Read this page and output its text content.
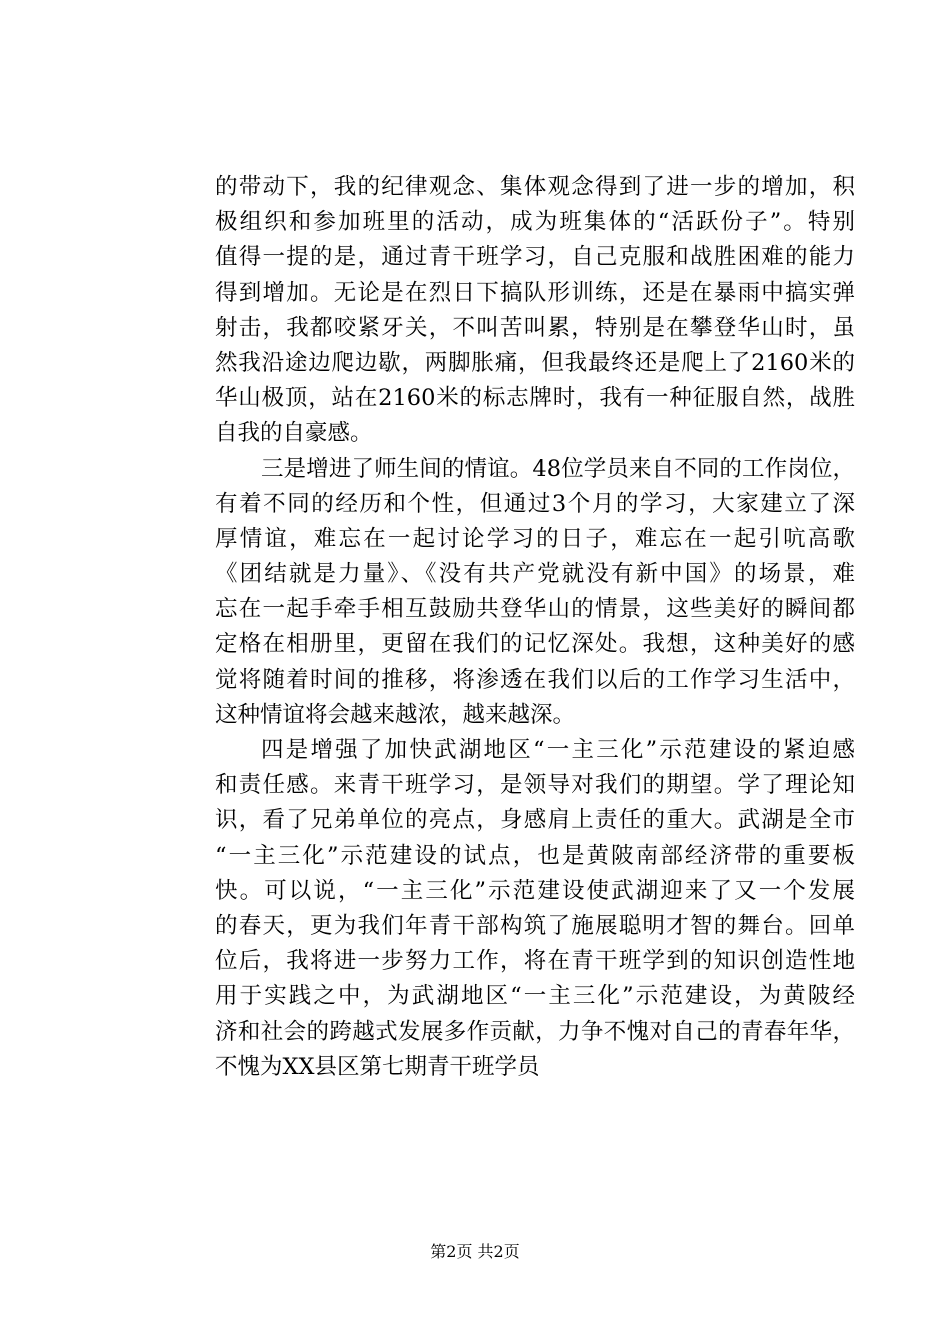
的带动下，我的纪律观念、集体观念得到了进一步的增加，积
极组织和参加班里的活动，成为班集体的“活跃份子”。特别
值得一提的是，通过青干班学习，自己克服和战胜困难的能力
得到增加。无论是在烈日下搞队形训练，还是在暴雨中搞实弹
射击，我都咬紧牙关，不叫苦叫累，特别是在攀登华山时，虽
然我沿途边爬边歇，两脚胀痛，但我最终还是爬上了2160米的
华山极顶，站在2160米的标志牌时，我有一种征服自然，战胜
自我的自豪感。
三是增进了师生间的情谊。48位学员来自不同的工作岗位，
有着不同的经历和个性，但通过3个月的学习，大家建立了深
厚情谊，难忘在一起讨论学习的日子，难忘在一起引吭高歌
《团结就是力量》、《没有共产党就没有新中国》的场景，难
忘在一起手牵手相互鼓励共登华山的情景，这些美好的瞬间都
定格在相册里，更留在我们的记忆深处。我想，这种美好的感
觉将随着时间的推移，将渗透在我们以后的工作学习生活中，
这种情谊将会越来越浓，越来越深。
四是增强了加快武湖地区“一主三化”示范建设的紧迫感
和责任感。来青干班学习，是领导对我们的期望。学了理论知
识，看了兄弟单位的亮点，身感肩上责任的重大。武湖是全市
“一主三化”示范建设的试点，也是黄陂南部经济带的重要板
快。可以说，“一主三化”示范建设使武湖迎来了又一个发展
的春天，更为我们年青干部构筑了施展聪明才智的舞台。回单
位后，我将进一步努力工作，将在青干班学到的知识创造性地
用于实践之中，为武湖地区“一主三化”示范建设，为黄陂经
济和社会的跨越式发展多作贡献，力争不愧对自己的青春年华，
不愧为XX县区第七期青干班学员
第2页 共2页
